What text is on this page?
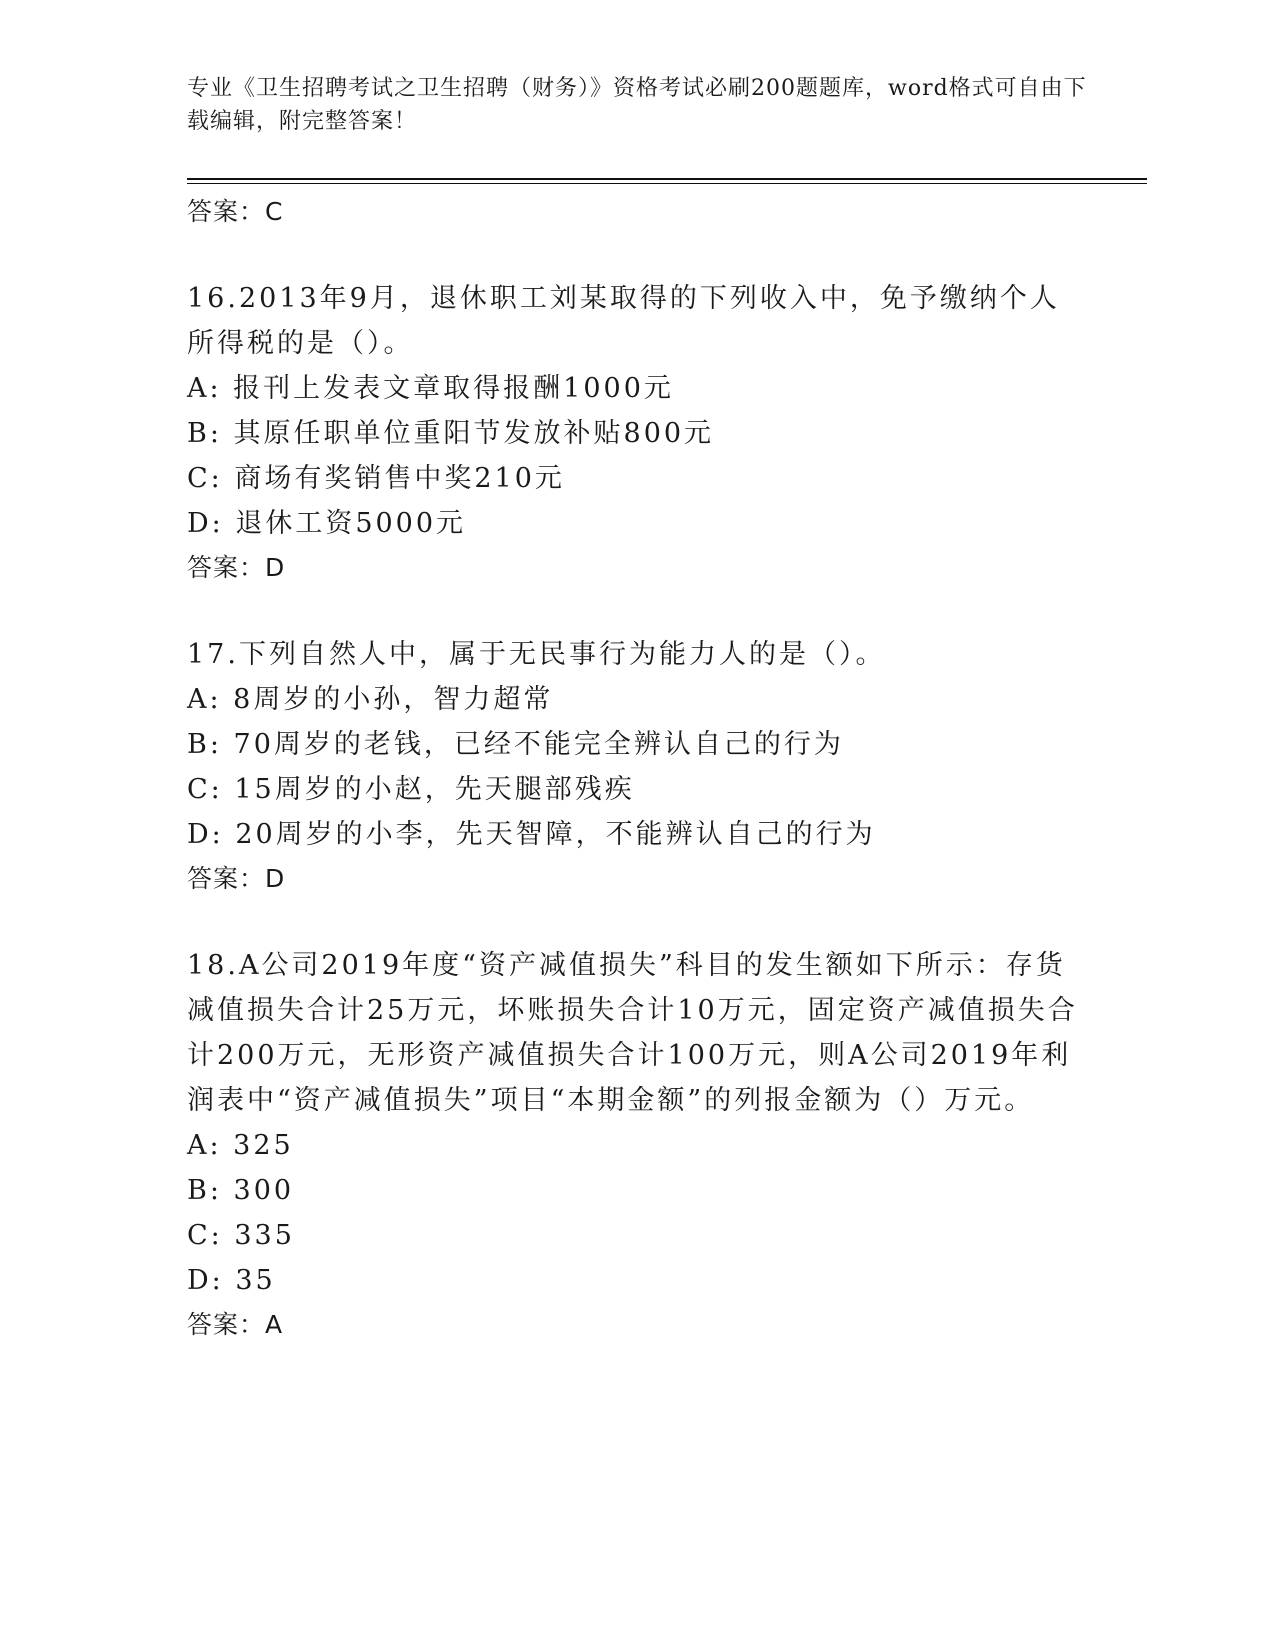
专业《卫生招聘考试之卫生招聘（财务）》资格考试必刷200题题库，word格式可自由下载编辑，附完整答案！
答案：C
16.2013年9月，退休职工刘某取得的下列收入中，免予缴纳个人所得税的是（）。
A: 报刊上发表文章取得报酬1000元
B: 其原任职单位重阳节发放补贴800元
C: 商场有奖销售中奖210元
D: 退休工资5000元
答案：D
17.下列自然人中，属于无民事行为能力人的是（）。
A: 8周岁的小孙，智力超常
B: 70周岁的老钱，已经不能完全辨认自己的行为
C: 15周岁的小赵，先天腿部残疾
D: 20周岁的小李，先天智障，不能辨认自己的行为
答案：D
18.A公司2019年度“资产减值损失”科目的发生额如下所示：存货减值损失合计25万元，坏账损失合计10万元，固定资产减值损失合计200万元，无形资产减值损失合计100万元，则A公司2019年利润表中“资产减值损失”项目“本期金额”的列报金额为（）万元。
A: 325
B: 300
C: 335
D: 35
答案：A
